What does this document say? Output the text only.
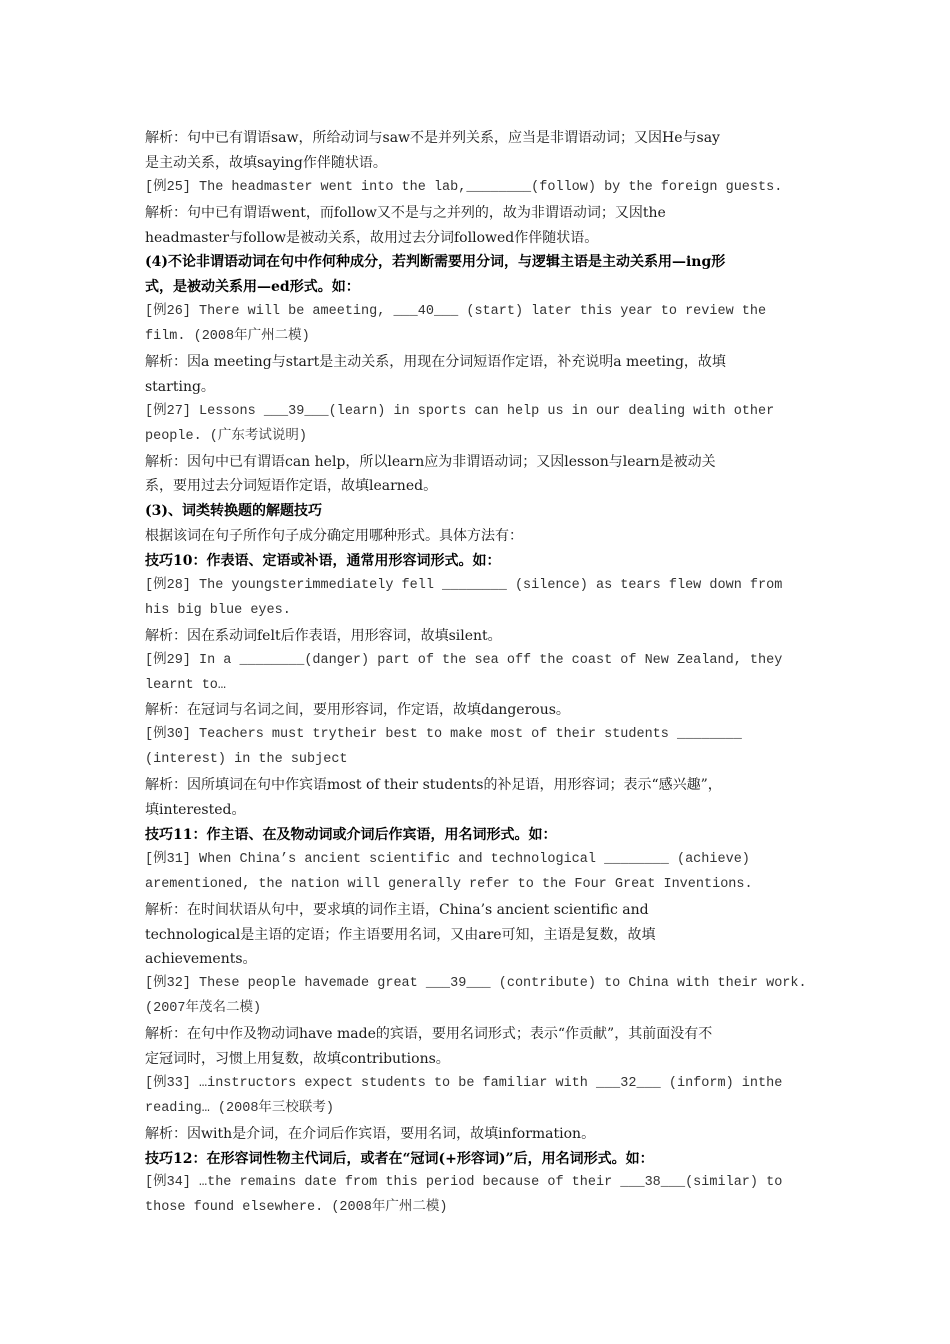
解析：句中已有谓语saw，所给动词与saw不是并列关系，应当是非谓语动词；又因He与say
是主动关系，故填saying作伴随状语。
[例25] The headmaster went into the lab,________(follow) by the foreign guests.
解析：句中已有谓语went，而follow又不是与之并列的，故为非谓语动词；又因the
headmaster与follow是被动关系，故用过去分词followed作伴随状语。
(4)不论非谓语动词在句中作何种成分，若判断需要用分词，与逻辑主语是主动关系用—ing形
式，是被动关系用—ed形式。如：
[例26] There will be ameeting, ___40___ (start) later this year to review the
film. (2008年广州二模)
解析：因a meeting与start是主动关系，用现在分词短语作定语，补充说明a meeting，故填
starting。
[例27] Lessons ___39___(learn) in sports can help us in our dealing with other
people. (广东考试说明)
解析：因句中已有谓语can help，所以learn应为非谓语动词；又因lesson与learn是被动关
系，要用过去分词短语作定语，故填learned。
(3)、词类转换题的解题技巧
根据该词在句子所作句子成分确定用哪种形式。具体方法有：
技巧10：作表语、定语或补语，通常用形容词形式。如：
[例28] The youngsterimmediately fell ________ (silence) as tears flew down from
his big blue eyes.
解析：因在系动词felt后作表语，用形容词，故填silent。
[例29] In a ________(danger) part of the sea off the coast of New Zealand, they
learnt to…
解析：在冠词与名词之间，要用形容词，作定语，故填dangerous。
[例30] Teachers must trytheir best to make most of their students ________
(interest) in the subject
解析：因所填词在句中作宾语most of their students的补足语，用形容词；表示“感兴趣”，
填interested。
技巧11：作主语、在及物动词或介词后作宾语，用名词形式。如：
[例31] When China’s ancient scientific and technological ________ (achieve)
arementioned, the nation will generally refer to the Four Great Inventions.
解析：在时间状语从句中，要求填的词作主语，China’s ancient scientific and
technological是主语的定语；作主语要用名词，又由are可知，主语是复数，故填
achievements。
[例32] These people havemade great ___39___ (contribute) to China with their work.
(2007年茂名二模)
解析：在句中作及物动词have made的宾语，要用名词形式；表示“作贡献”，其前面没有不
定冠词时，习惯上用复数，故填contributions。
[例33] …instructors expect students to be familiar with ___32___ (inform) inthe
reading… (2008年三校联考)
解析：因with是介词，在介词后作宾语，要用名词，故填information。
技巧12：在形容词性物主代词后，或者在“冠词(+形容词)”后，用名词形式。如：
[例34] …the remains date from this period because of their ___38___(similar) to
those found elsewhere. (2008年广州二模)
